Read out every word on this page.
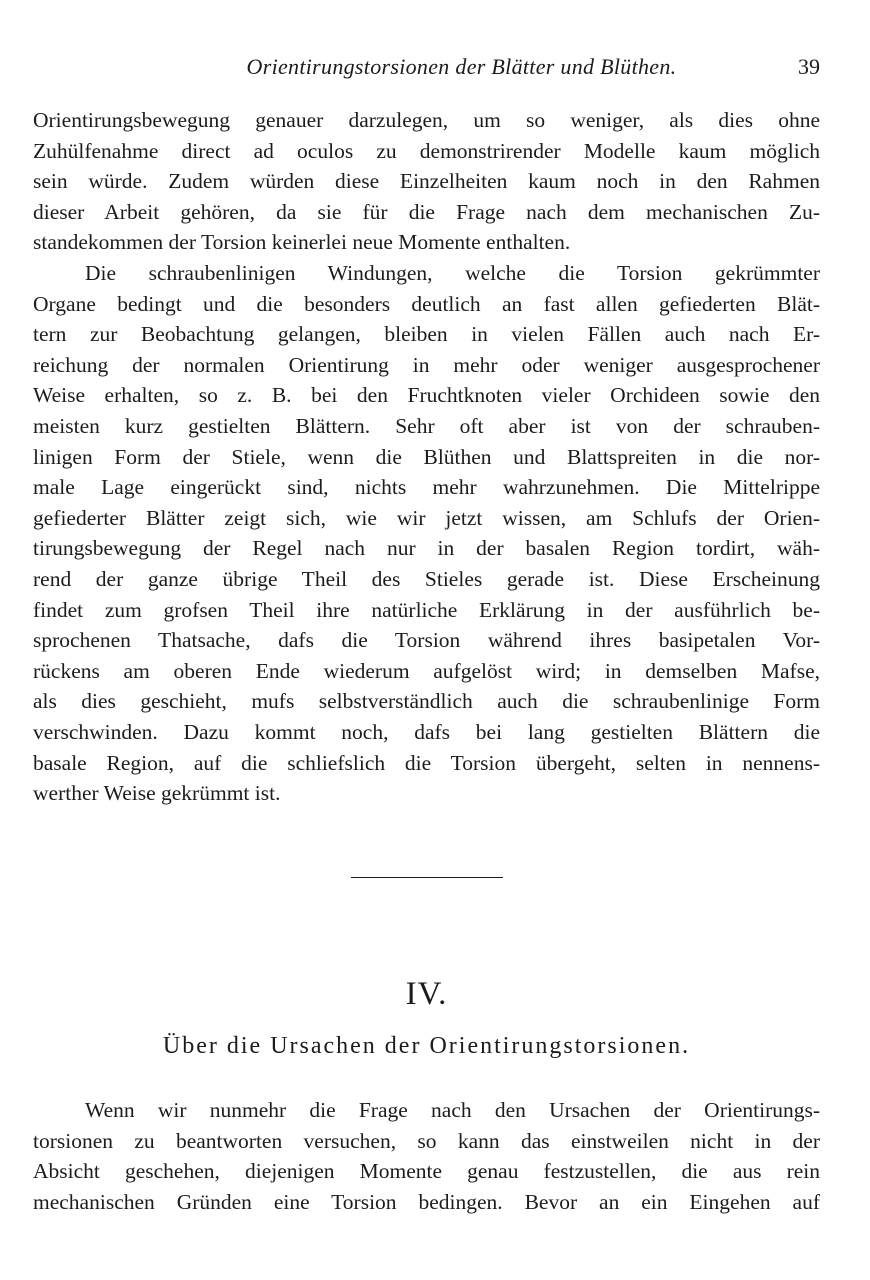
Orientirungstorsionen der Blätter und Blüthen.	39
Orientirungsbewegung genauer darzulegen, um so weniger, als dies ohne
Zuhülfenahme direct ad oculos zu demonstrirender Modelle kaum möglich
sein würde. Zudem würden diese Einzelheiten kaum noch in den Rahmen
dieser Arbeit gehören, da sie für die Frage nach dem mechanischen Zu-
standekommen der Torsion keinerlei neue Momente enthalten.
Die schraubenlinigen Windungen, welche die Torsion gekrümmter
Organe bedingt und die besonders deutlich an fast allen gefiederten Blät-
tern zur Beobachtung gelangen, bleiben in vielen Fällen auch nach Er-
reichung der normalen Orientirung in mehr oder weniger ausgesprochener
Weise erhalten, so z. B. bei den Fruchtknoten vieler Orchideen sowie den
meisten kurz gestielten Blättern. Sehr oft aber ist von der schrauben-
linigen Form der Stiele, wenn die Blüthen und Blattspreiten in die nor-
male Lage eingerückt sind, nichts mehr wahrzunehmen. Die Mittelrippe
gefiederter Blätter zeigt sich, wie wir jetzt wissen, am Schlufs der Orien-
tirungsbewegung der Regel nach nur in der basalen Region tordirt, wäh-
rend der ganze übrige Theil des Stieles gerade ist. Diese Erscheinung
findet zum grofsen Theil ihre natürliche Erklärung in der ausführlich be-
sprochenen Thatsache, dafs die Torsion während ihres basipetalen Vor-
rückens am oberen Ende wiederum aufgelöst wird; in demselben Mafse,
als dies geschieht, mufs selbstverständlich auch die schraubenlinige Form
verschwinden. Dazu kommt noch, dafs bei lang gestielten Blättern die
basale Region, auf die schliefslich die Torsion übergeht, selten in nennens-
werther Weise gekrümmt ist.
IV.
Über die Ursachen der Orientirungstorsionen.
Wenn wir nunmehr die Frage nach den Ursachen der Orientirungs-
torsionen zu beantworten versuchen, so kann das einstweilen nicht in der
Absicht geschehen, diejenigen Momente genau festzustellen, die aus rein
mechanischen Gründen eine Torsion bedingen. Bevor an ein Eingehen auf
